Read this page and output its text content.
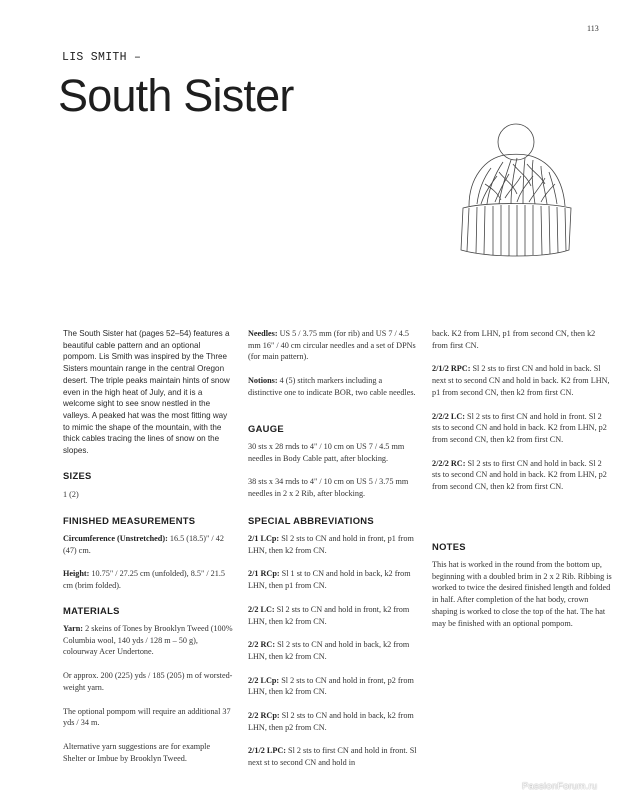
113
LIS SMITH –
South Sister

The South Sister hat (pages 52–54) features a beautiful cable pattern and an optional pompom. Lis Smith was inspired by the Three Sisters mountain range in the central Oregon desert. The triple peaks maintain hints of snow even in the high heat of July, and it is a welcome sight to see snow nestled in the valleys. A peaked hat was the most fitting way to mimic the shape of the mountain, with the thick cables tracing the lines of snow on the slopes.

SIZES

1 (2)

FINISHED MEASUREMENTS

Circumference (Unstretched): 16.5 (18.5)" / 42 (47) cm.

Height: 10.75" / 27.25 cm (unfolded), 8.5" / 21.5 cm (brim folded).

MATERIALS

Yarn: 2 skeins of Tones by Brooklyn Tweed (100% Columbia wool, 140 yds / 128 m – 50 g), colourway Acer Undertone.

Or approx. 200 (225) yds / 185 (205) m of worsted-weight yarn.

The optional pompom will require an additional 37 yds / 34 m.

Alternative yarn suggestions are for example Shelter or Imbue by Brooklyn Tweed.

Needles: US 5 / 3.75 mm (for rib) and US 7 / 4.5 mm 16" / 40 cm circular needles and a set of DPNs (for main pattern).

Notions: 4 (5) stitch markers including a distinctive one to indicate BOR, two cable needles.

GAUGE

30 sts x 28 rnds to 4" / 10 cm on US 7 / 4.5 mm needles in Body Cable patt, after blocking.

38 sts x 34 rnds to 4" / 10 cm on US 5 / 3.75 mm needles in 2 x 2 Rib, after blocking.

SPECIAL ABBREVIATIONS

2/1 LCp: Sl 2 sts to CN and hold in front, p1 from LHN, then k2 from CN.

2/1 RCp: Sl 1 st to CN and hold in back, k2 from LHN, then p1 from CN.

2/2 LC: Sl 2 sts to CN and hold in front, k2 from LHN, then k2 from CN.

2/2 RC: Sl 2 sts to CN and hold in back, k2 from LHN, then k2 from CN.

2/2 LCp: Sl 2 sts to CN and hold in front, p2 from LHN, then k2 from CN.

2/2 RCp: Sl 2 sts to CN and hold in back, k2 from LHN, then p2 from CN.

2/1/2 LPC: Sl 2 sts to first CN and hold in front. Sl next st to second CN and hold in

back. K2 from LHN, p1 from second CN, then k2 from first CN.

2/1/2 RPC: Sl 2 sts to first CN and hold in back. Sl next st to second CN and hold in back. K2 from LHN, p1 from second CN, then k2 from first CN.

2/2/2 LC: Sl 2 sts to first CN and hold in front. Sl 2 sts to second CN and hold in back. K2 from LHN, p2 from second CN, then k2 from first CN.

2/2/2 RC: Sl 2 sts to first CN and hold in back. Sl 2 sts to second CN and hold in back. K2 from LHN, p2 from second CN, then k2 from first CN.

NOTES

This hat is worked in the round from the bottom up, beginning with a doubled brim in 2 x 2 Rib. Ribbing is worked to twice the desired finished length and folded in half. After completion of the hat body, crown shaping is worked to close the top of the hat. The hat may be finished with an optional pompom.

PassionForum.ru
